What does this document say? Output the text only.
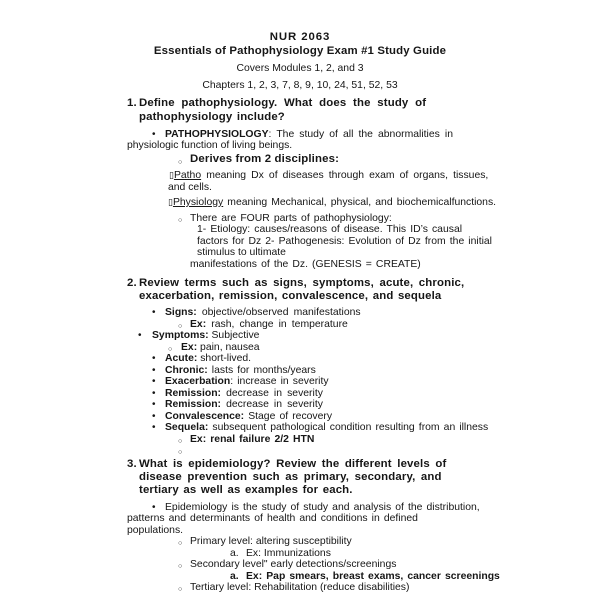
NUR 2063
Essentials of Pathophysiology Exam #1 Study Guide
Covers Modules 1, 2, and 3
Chapters 1, 2, 3, 7, 8, 9, 10, 24, 51, 52, 53
1. Define pathophysiology. What does the study of
pathophysiology include?
• PATHOPHYSIOLOGY: The study of all the abnormalities in
physiologic function of living beings.
○ Derives from 2 disciplines:
▯Patho meaning Dx of diseases through exam of organs, tissues,
and cells.
▯Physiology meaning Mechanical, physical, and biochemicalfunctions.
○ There are FOUR parts of pathophysiology:
1- Etiology: causes/reasons of disease. This ID’s causal
factors for Dz 2- Pathogenesis: Evolution of Dz from the initial
stimulus to ultimate
manifestations of the Dz. (GENESIS = CREATE)
2. Review terms such as signs, symptoms, acute, chronic,
exacerbation, remission, convalescence, and sequela
• Signs: objective/observed manifestations
○ Ex: rash, change in temperature
• Symptoms: Subjective
○ Ex: pain, nausea
• Acute: short-lived.
• Chronic: lasts for months/years
• Exacerbation: increase in severity
• Remission: decrease in severity
• Remission: decrease in severity
• Convalescence: Stage of recovery
• Sequela: subsequent pathological condition resulting from an illness
○ Ex: renal failure 2/2 HTN
○

3. What is epidemiology? Review the different levels of
disease prevention such as primary, secondary, and
tertiary as well as examples for each.
• Epidemiology is the study of study and analysis of the distribution,
patterns and determinants of health and conditions in defined
populations.
○ Primary level: altering susceptibility
a. Ex: Immunizations
○ Secondary level" early detections/screenings
a. Ex: Pap smears, breast exams, cancer screenings
○ Tertiary level: Rehabilitation (reduce disabilities)
